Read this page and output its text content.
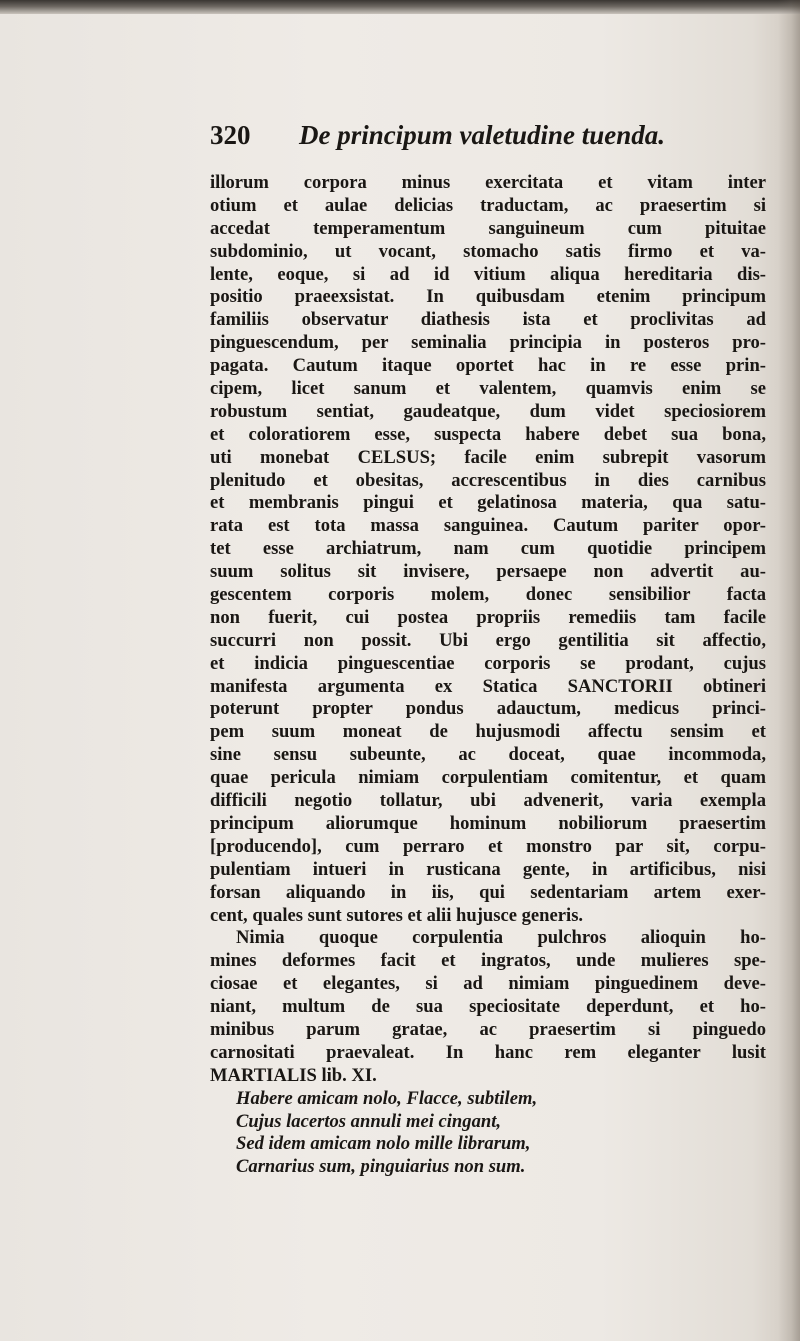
320 De principum valetudine tuenda.
illorum corpora minus exercitata et vitam inter
otium et aulae delicias traductam, ac praesertim si
accedat temperamentum sanguineum cum pituitae
subdominio, ut vocant, stomacho satis firmo et va-
lente, eoque, si ad id vitium aliqua hereditaria dis-
positio praeexsistat. In quibusdam etenim principum
familiis observatur diathesis ista et proclivitas ad
pinguescendum, per seminalia principia in posteros pro-
pagata. Cautum itaque oportet hac in re esse prin-
cipem, licet sanum et valentem, quamvis enim se
robustum sentiat, gaudeatque, dum videt speciosiorem
et coloratiorem esse, suspecta habere debet sua bona,
uti monebat CELSUS; facile enim subrepit vasorum
plenitudo et obesitas, accrescentibus in dies carnibus
et membranis pingui et gelatinosa materia, qua satu-
rata est tota massa sanguinea. Cautum pariter opor-
tet esse archiatrum, nam cum quotidie principem
suum solitus sit invisere, persaepe non advertit au-
gescentem corporis molem, donec sensibilior facta
non fuerit, cui postea propriis remediis tam facile
succurri non possit. Ubi ergo gentilitia sit affectio,
et indicia pinguescentiae corporis se prodant, cujus
manifesta argumenta ex Statica SANCTORII obtineri
poterunt propter pondus adauctum, medicus princi-
pem suum moneat de hujusmodi affectu sensim et
sine sensu subeunte, ac doceat, quae incommoda,
quae pericula nimiam corpulentiam comitentur, et quam
difficili negotio tollatur, ubi advenerit, varia exempla
principum aliorumque hominum nobiliorum praesertim
[producendo], cum perraro et monstro par sit, corpu-
pulentiam intueri in rusticana gente, in artificibus, nisi
forsan aliquando in iis, qui sedentariam artem exer-
cent, quales sunt sutores et alii hujusce generis.
Nimia quoque corpulentia pulchros alioquin ho-
mines deformes facit et ingratos, unde mulieres spe-
ciosae et elegantes, si ad nimiam pinguedinem deve-
niant, multum de sua speciositate deperdunt, et ho-
minibus parum gratae, ac praesertim si pinguedo
carnositati praevaleat. In hanc rem eleganter lusit
MARTIALIS lib. XI.
Habere amicam nolo, Flacce, subtilem,
Cujus lacertos annuli mei cingant,
Sed idem amicam nolo mille librarum,
Carnarius sum, pinguiarius non sum.
